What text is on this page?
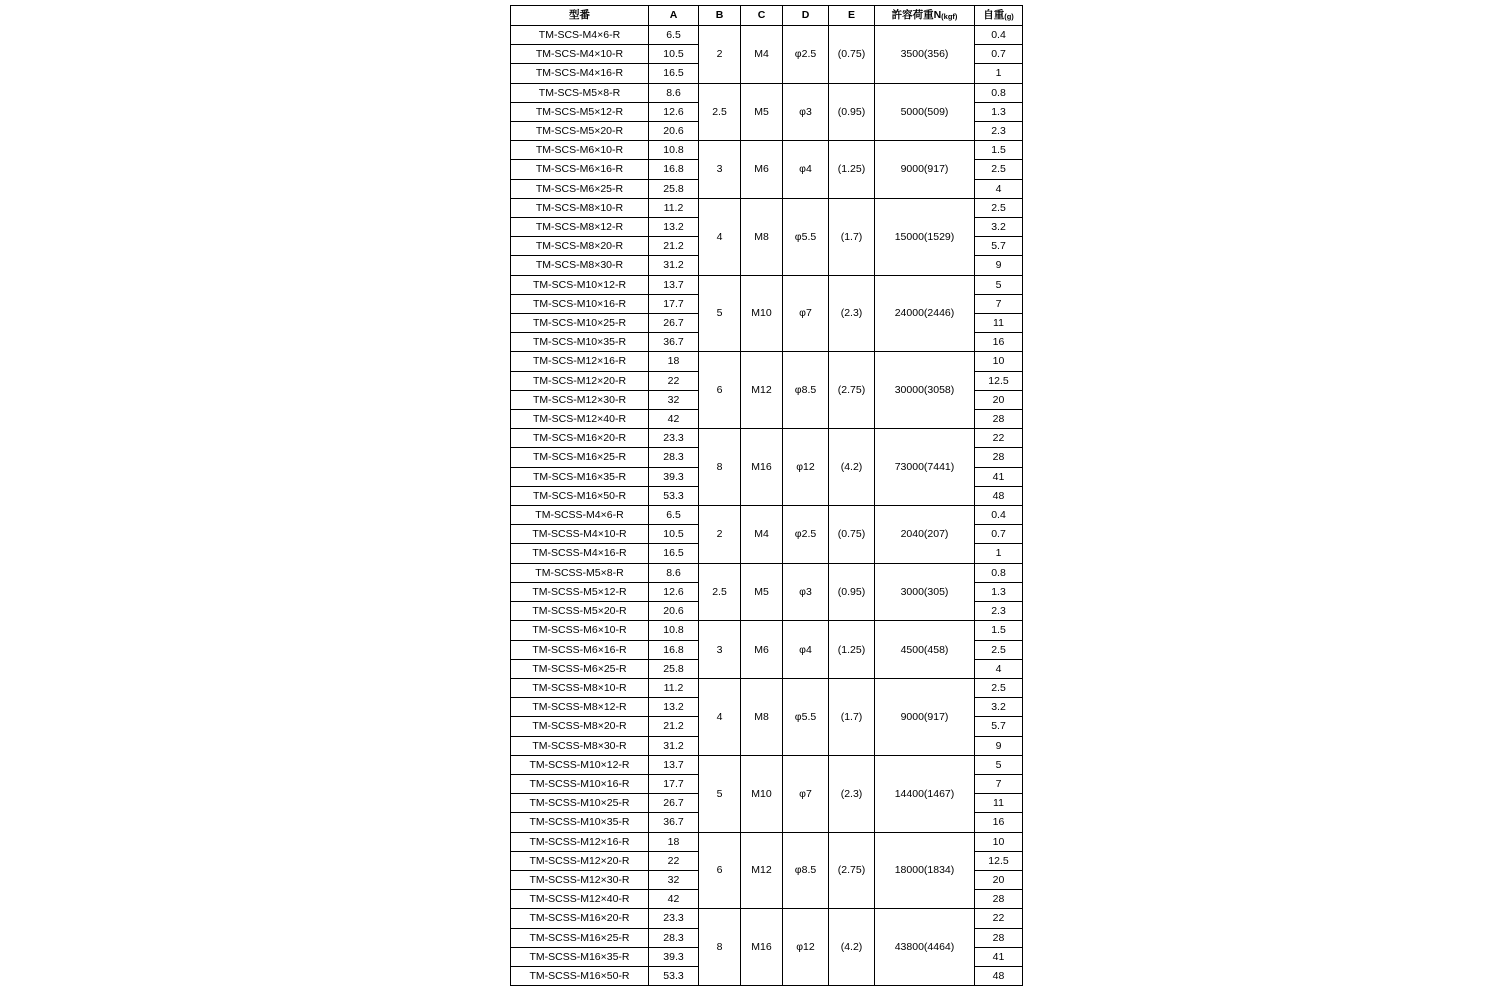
型番	A	B	C	D	E	許容荷重N(kgf)	自重(g)
TM-SCS-M4×6-R	6.5	2	M4	φ2.5	(0.75)	3500(356)	0.4
TM-SCS-M4×10-R	10.5						0.7
TM-SCS-M4×16-R	16.5						1
TM-SCS-M5×8-R	8.6	2.5	M5	φ3	(0.95)	5000(509)	0.8
TM-SCS-M5×12-R	12.6						1.3
TM-SCS-M5×20-R	20.6						2.3
TM-SCS-M6×10-R	10.8	3	M6	φ4	(1.25)	9000(917)	1.5
TM-SCS-M6×16-R	16.8						2.5
TM-SCS-M6×25-R	25.8						4
TM-SCS-M8×10-R	11.2	4	M8	φ5.5	(1.7)	15000(1529)	2.5
TM-SCS-M8×12-R	13.2						3.2
TM-SCS-M8×20-R	21.2						5.7
TM-SCS-M8×30-R	31.2						9
TM-SCS-M10×12-R	13.7	5	M10	φ7	(2.3)	24000(2446)	5
TM-SCS-M10×16-R	17.7						7
TM-SCS-M10×25-R	26.7						11
TM-SCS-M10×35-R	36.7						16
TM-SCS-M12×16-R	18	6	M12	φ8.5	(2.75)	30000(3058)	10
TM-SCS-M12×20-R	22						12.5
TM-SCS-M12×30-R	32						20
TM-SCS-M12×40-R	42						28
TM-SCS-M16×20-R	23.3	8	M16	φ12	(4.2)	73000(7441)	22
TM-SCS-M16×25-R	28.3						28
TM-SCS-M16×35-R	39.3						41
TM-SCS-M16×50-R	53.3						48
TM-SCSS-M4×6-R	6.5	2	M4	φ2.5	(0.75)	2040(207)	0.4
TM-SCSS-M4×10-R	10.5						0.7
TM-SCSS-M4×16-R	16.5						1
TM-SCSS-M5×8-R	8.6	2.5	M5	φ3	(0.95)	3000(305)	0.8
TM-SCSS-M5×12-R	12.6						1.3
TM-SCSS-M5×20-R	20.6						2.3
TM-SCSS-M6×10-R	10.8	3	M6	φ4	(1.25)	4500(458)	1.5
TM-SCSS-M6×16-R	16.8						2.5
TM-SCSS-M6×25-R	25.8						4
TM-SCSS-M8×10-R	11.2	4	M8	φ5.5	(1.7)	9000(917)	2.5
TM-SCSS-M8×12-R	13.2						3.2
TM-SCSS-M8×20-R	21.2						5.7
TM-SCSS-M8×30-R	31.2						9
TM-SCSS-M10×12-R	13.7	5	M10	φ7	(2.3)	14400(1467)	5
TM-SCSS-M10×16-R	17.7						7
TM-SCSS-M10×25-R	26.7						11
TM-SCSS-M10×35-R	36.7						16
TM-SCSS-M12×16-R	18	6	M12	φ8.5	(2.75)	18000(1834)	10
TM-SCSS-M12×20-R	22						12.5
TM-SCSS-M12×30-R	32						20
TM-SCSS-M12×40-R	42						28
TM-SCSS-M16×20-R	23.3	8	M16	φ12	(4.2)	43800(4464)	22
TM-SCSS-M16×25-R	28.3						28
TM-SCSS-M16×35-R	39.3						41
TM-SCSS-M16×50-R	53.3						48
